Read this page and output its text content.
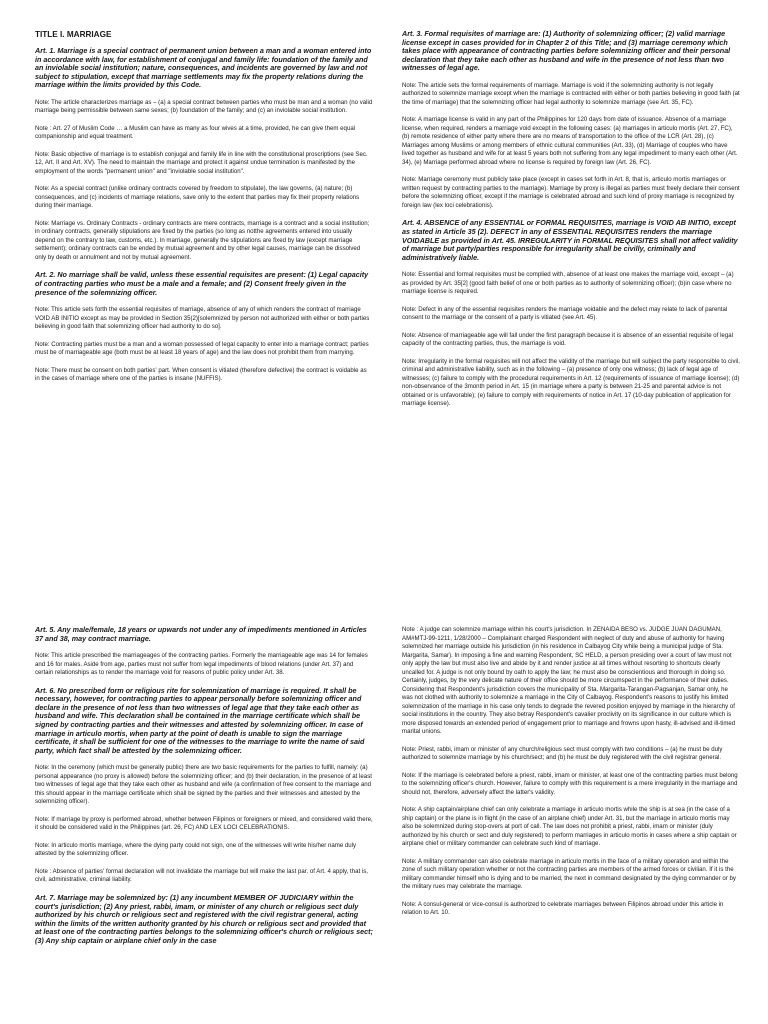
TITLE I. MARRIAGE

Art. 1. Marriage is a special contract of permanent union between a man and a woman entered into in accordance with law, for establishment of conjugal and family life: foundation of the family and an inviolable social institution; nature, consequences, and incidents are governed by law and not subject to stipulation, except that marriage settlements may fix the property relations during the marriage within the limits provided by this Code.

Note: The article characterizes marriage as – (a) a special contract between parties who must be man and a woman (no valid marriage being permissible between same sexes; (b) foundation of the family; and (c) an inviolable social institution.

Note : Art. 27 of Muslim Code … a Muslim can have as many as four wives at a time, provided, he can give them equal companionship and equal treatment.

Note: Basic objective of marriage is to establish conjugal and family life in line with the constitutional proscriptions (see Sec. 12, Art. II and Art. XV). The need to maintain the marriage and protect it against undue termination is manifested by the employment of the words "permanent union" and "inviolable social institution".

Note: As a special contract (unlike ordinary contracts covered by freedom to stipulate), the law governs, (a) nature; (b) consequences, and (c) incidents of marriage relations, save only to the extent that parties may fix their property relations during their marriage.

Note: Marriage vs. Ordinary Contracts - ordinary contracts are mere contracts, marriage is a contract and a social institution; in ordinary contracts, generally stipulations are fixed by the parties (so long as notthe agreements entered into usually depend on the contrary to law, customs, etc.). In marriage, generally the stipulations are fixed by law (except marriage settlement); ordinary contracts can be ended by mutual agreement and by other legal causes, marriage can be dissolved only by death or annulment and not by mutual agreement.

Art. 2. No marriage shall be valid, unless these essential requisites are present: (1) Legal capacity of contracting parties who must be a male and a female; and (2) Consent freely given in the presence of the solemnizing officer.

Note: This article sets forth the essential requisites of marriage, absence of any of which renders the contract of marriage VOID AB INITIO except as may be provided in Section 35(2)[solemnized by person not authorized with either or both parties believing in good faith that solemnizing officer had authority to do so].

Note: Contracting parties must be a man and a woman possessed of legal capacity to enter into a marriage contract; parties must be of marriageable age (both must be at least 18 years of age) and the law does not prohibit them from marrying.

Note: There must be consent on both parties' part. When consent is vitiated (therefore defective) the contract is voidable as in the cases of marriage where one of the parties is insane (NUFFIS).

Art. 3. Formal requisites of marriage are: (1) Authority of solemnizing officer; (2) valid marriage license except in cases provided for in Chapter 2 of this Title; and (3) marriage ceremony which takes place with appearance of contracting parties before solemnizing officer and their personal declaration that they take each other as husband and wife in the presence of not less than two witnesses of legal age.

Note: The article sets the formal requirements of marriage. Marriage is void if the solemnizing authority is not legally authorized to solemnize marriage except when the marriage is contracted with either or both parties believing in good faith (at the time of marriage) that the solemnizing officer had legal authority to solemnize marriage (see Art. 35, FC).

Note: A marriage license is valid in any part of the Philippines for 120 days from date of issuance. Absence of a marriage license, when required, renders a marriage void except in the following cases: (a) marriages in articulo mortis (Art. 27, FC), (b) remote residence of either party where there are no means of transportation to the office of the LCR (Art. 28), (c) Marriages among Muslims or among members of ethnic cultural communities (Art. 33), (d) Marriage of couples who have lived together as husband and wife for at least 5 years both not suffering from any legal impediment to marry each other (Art. 34), (e) Marriage performed abroad where no license is required by foreign law (Art. 26, FC).

Note: Marriage ceremony must publicly take place (except in cases set forth in Art. 8, that is, articulo mortis marriages or written request by contracting parties to the marriage). Marriage by proxy is illegal as parties must freely declare their consent before the solemnizing officer, except if the marriage is celebrated abroad and such kind of proxy marriage is recognized by foreign law (lex loci celebrationis).

Art. 4. ABSENCE of any ESSENTIAL or FORMAL REQUISITES, marriage is VOID AB INITIO, except as stated in Article 35 (2). DEFECT in any of ESSENTIAL REQUISITES renders the marriage VOIDABLE as provided in Art. 45. IRREGULARITY in FORMAL REQUISITES shall not affect validity of marriage but party/parties responsible for irregularity shall be civilly, criminally and administratively liable.

Note: Essential and formal requisites must be complied with, absence of at least one makes the marriage void, except – (a) as provided by Art. 35[2] (good faith belief of one or both parties as to authority of solemnizing officer); (b)in case where no marriage license is required.

Note: Defect in any of the essential requisites renders the marriage voidable and the defect may relate to lack of parental consent to the marriage or the consent of a party is vitiated (see Art. 45).

Note: Absence of marriageable age will fall under the first paragraph because it is absence of an essential requisite of legal capacity of the contracting parties, thus, the marriage is void.

Note: Irregularity in the formal requisites will not affect the validity of the marriage but will subject the party responsible to civil, criminal and administrative liability, such as in the following – (a) presence of only one witness; (b) lack of legal age of witnesses; (c) failure to comply with the procedural requirements in Art. 12 (requirements of issuance of marriage license); (d) non-observance of the 3month period in Art. 15 (in marriage where a party is between 21-25 and parental advice is not obtained or is unfavorable); (e) failure to comply with requirements of notice in Art. 17 (10-day publication of application for marriage license).

Art. 5. Any male/female, 18 years or upwards not under any of impediments mentioned in Articles 37 and 38, may contract marriage.

Note: This article prescribed the marriageages of the contracting parties. Formerly the marriageable age was 14 for females and 16 for males. Aside from age, parties must not suffer from legal impediments of blood relations (under Art. 37) and certain relationships as to render the marriage void for reasons of public policy under Art. 38.

Art. 6. No prescribed form or religious rite for solemnization of marriage is required. It shall be necessary, however, for contracting parties to appear personally before solemnizing officer and declare in the presence of not less than two witnesses of legal age that they take each other as husband and wife. This declaration shall be contained in the marriage certificate which shall be signed by contracting parties and their witnesses and attested by solemnizing officer. In case of marriage in articulo mortis, when party at the point of death is unable to sign the marriage certificate, it shall be sufficient for one of the witnesses to the marriage to write the name of said party, which fact shall be attested by the solemnizing officer.

Note: In the ceremony (which must be generally public) there are two basic requirements for the parties to fulfill, namely: (a) personal appearance (no proxy is allowed) before the solemnizing officer; and (b) their declaration, in the presence of at least two witnesses of legal age that they take each other as husband and wife (a confirmation of free consent to the marriage and this should appear in the marriage certificate which shall be signed by the parties and their witnesses and attested by the solemnizing officer).

Note: If marriage by proxy is performed abroad, whether between Filipinos or foreigners or mixed, and considered valid there, it should be considered valid in the Philippines (art. 26, FC) AND LEX LOCI CELEBRATIONIS.

Note: In articulo mortis marriage, where the dying party could not sign, one of the witnesses will write his/her name duly attested by the solemnizing officer.

Note : Absence of parties' formal declaration will not invalidate the marriage but will make the last par. of Art. 4 apply, that is, civil, administrative, criminal liability.

Art. 7. Marriage may be solemnized by: (1) any incumbent MEMBER OF JUDICIARY within the court's jurisdiction; (2) Any priest, rabbi, imam, or minister of any church or religious sect duly authorized by his church or religious sect and registered with the civil registrar general, acting within the limits of the written authority granted by his church or religious sect and provided that at least one of the contracting parties belongs to the solemnizing officer's church or religious sect; (3) Any ship captain or airplane chief only in the case

Note : A judge can solemnize marriage within his court's jurisdiction. In ZENAIDA BESO vs. JUDGE JUAN DAGUMAN, AM#MTJ-99-1211, 1/28/2000 – Complainant charged Respondent with neglect of duty and abuse of authority for having solemnized her marriage outside his jurisdiction (in his residence in Calbayog City while being a municipal judge of Sta. Margarita, Samar). In imposing a fine and warning Respondent, SC HELD, a person presiding over a court of law must not only apply the law but must also live and abide by it and render justice at all times without resorting to shortcuts clearly uncalled for. A judge is not only bound by oath to apply the law; he must also be conscientious and thorough in doing so. Certainly, judges, by the very delicate nature of their office should be more circumspect in the performance of their duties. Considering that Respondent's jurisdiction covers the municipality of Sta. Margarita-Tarangan-Pagsanjan, Samar only, he was not clothed with authority to solemnize a marriage in the City of Calbayog. Respondent's reasons to justify his limited solemnization of the marriage in his case only tends to degrade the revered position enjoyed by marriage in the hierarchy of social institutions in the country. They also betray Respondent's cavalier proclivity on its significance in our culture which is more disposed towards an extended period of engagement prior to marriage and frowns upon hasty, ill-advised and ill-timed marital unions.

Note: Priest, rabbi, imam or minister of any church/religious sect must comply with two conditions – (a) he must be duly authorized to solemnize marriage by his church/sect; and (b) he must be duly registered with the civil registrar general.

Note: If the marriage is celebrated before a priest, rabbi, imam or minister, at least one of the contracting parties must belong to the solemnizing officer's church. However, failure to comply with this requirement is a mere irregularity in the marriage and should not, therefore, adversely affect the latter's validity.

Note: A ship captain/airplane chief can only celebrate a marriage in articulo mortis while the ship is at sea (in the case of a ship captain) or the plane is in flight (in the case of an airplane chief) under Art. 31, but the marriage in articulo mortis may also be solemnized during stop-overs at port of call. The law does not prohibit a priest, rabbi, imam or minister (duly authorized by his church or sect and duly registered) to perform marriages in articulo mortis in cases where a ship captain or airplane chief or military commander can celebrate such kind of marriage.

Note: A military commander can also celebrate marriage in articulo mortis in the face of a military operation and within the zone of such military operation whether or not the contracting parties are members of the armed forces or civilian. If it is the military commander himself who is dying and to be married, the next in command designated by the dying commander or by the military rues may celebrate the marriage.

Note: A consul-general or vice-consul is authorized to celebrate marriages between Filipinos abroad under this article in relation to Art. 10.
